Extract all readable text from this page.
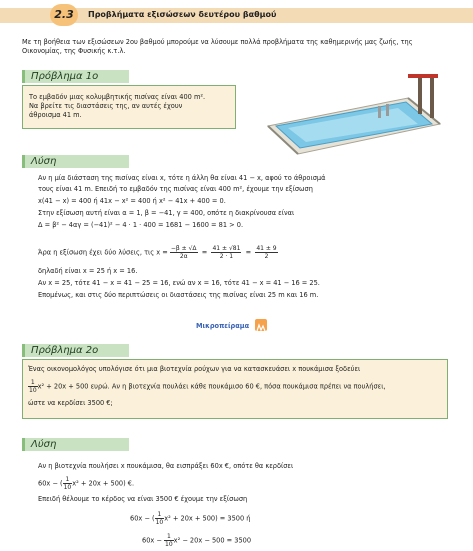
2.3	Προβλήματα εξισώσεων δευτέρου βαθμού
Με τη βοήθεια των εξισώσεων 2ου βαθμού μπορούμε να λύσουμε πολλά προβλήματα της καθημερινής μας ζωής, της
Οικονομίας, της Φυσικής κ.τ.λ.
Πρόβλημα 1ο
Το εμβαδόν μιας κολυμβητικής πισίνας είναι 400 m².
Να βρείτε τις διαστάσεις της, αν αυτές έχουν
άθροισμα 41 m.
Λύση
Αν η μία διάσταση της πισίνας είναι x, τότε η άλλη θα είναι 41 − x, αφού το άθροισμά
τους είναι 41 m. Επειδή το εμβαδόν της πισίνας είναι 400 m², έχουμε την εξίσωση
x(41 − x) = 400 ή 41x − x² = 400 ή x² − 41x + 400 = 0.
Στην εξίσωση αυτή είναι α = 1, β = −41, γ = 400, οπότε η διακρίνουσα είναι
Δ = β² − 4αγ = (−41)² − 4 · 1 · 400 = 1681 − 1600 = 81 > 0.
Άρα η εξίσωση έχει δύο λύσεις, τις $x = \frac{-\beta \pm √\Delta}{2\alpha} = \frac{41 \pm √81}{2 \cdot 1} = \frac{41 \pm 9}{2}$
δηλαδή είναι x = 25 ή x = 16.
Αν x = 25, τότε 41 − x = 41 − 25 = 16, ενώ αν x = 16, τότε 41 − x = 41 − 16 = 25.
Επομένως, και στις δύο περιπτώσεις οι διαστάσεις της πισίνας είναι 25 m και 16 m.
Μικροπείραμα
Πρόβλημα 2ο
Ένας οικονομολόγος υπολόγισε ότι μια βιοτεχνία ρούχων για να κατασκευάσει x πουκάμισα ξοδεύει
$\frac{1}{10} x^2 + 20x + 500$ ευρώ. Αν η βιοτεχνία πουλάει κάθε πουκάμισο 60 €, πόσα πουκάμισα πρέπει να πουλήσει,
ώστε να κερδίσει 3500 €;
Λύση
Αν η βιοτεχνία πουλήσει x πουκάμισα, θα εισπράξει 60x €, οπότε θα κερδίσει
60x − ( $\frac{1}{10} x^2 + 20x + 500$) €.
Επειδή θέλουμε το κέρδος να είναι 3500 € έχουμε την εξίσωση
60x − ( $\frac{1}{10} x^2 + 20x + 500) = 3500$ ή
$60x - \frac{1}{10} x^2 - 20x - 500 = 3500$
